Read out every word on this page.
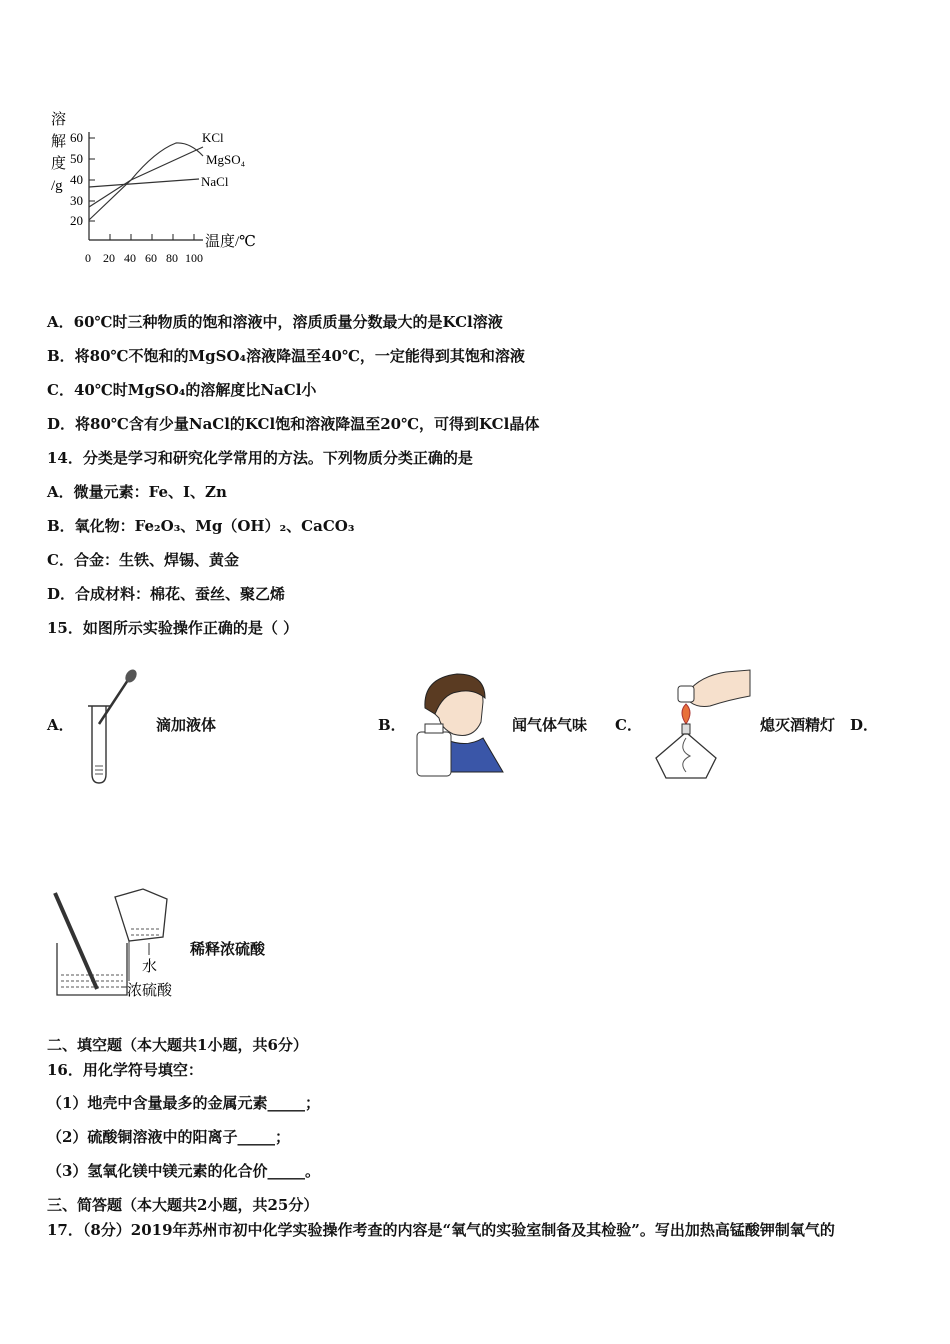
溶
解
度
/g
60
50
40
30
20
KCl
MgSO₄
NaCl
0 20 40 60 80 100
温度/℃
A．60℃时三种物质的饱和溶液中，溶质质量分数最大的是KCl溶液
B．将80℃不饱和的MgSO₄溶液降温至40℃，一定能得到其饱和溶液
C．40℃时MgSO₄的溶解度比NaCl小
D．将80℃含有少量NaCl的KCl饱和溶液降温至20℃，可得到KCl晶体
14．分类是学习和研究化学常用的方法。下列物质分类正确的是
A．微量元素：Fe、I、Zn
B．氧化物：Fe₂O₃、Mg（OH）₂、CaCO₃
C．合金：生铁、焊锡、黄金
D．合成材料：棉花、蚕丝、聚乙烯
15．如图所示实验操作正确的是（ ）
A．	滴加液体	B．	闻气体气味 C．	熄灭酒精灯 D．
水
浓硫酸
稀释浓硫酸
二、填空题（本大题共1小题，共6分）
16．用化学符号填空：
（1）地壳中含量最多的金属元素_____；
（2）硫酸铜溶液中的阳离子_____；
（3）氢氧化镁中镁元素的化合价_____。
三、简答题（本大题共2小题，共25分）
17．（8分）2019年苏州市初中化学实验操作考查的内容是“氧气的实验室制备及其检验”。写出加热高锰酸钾制氧气的
